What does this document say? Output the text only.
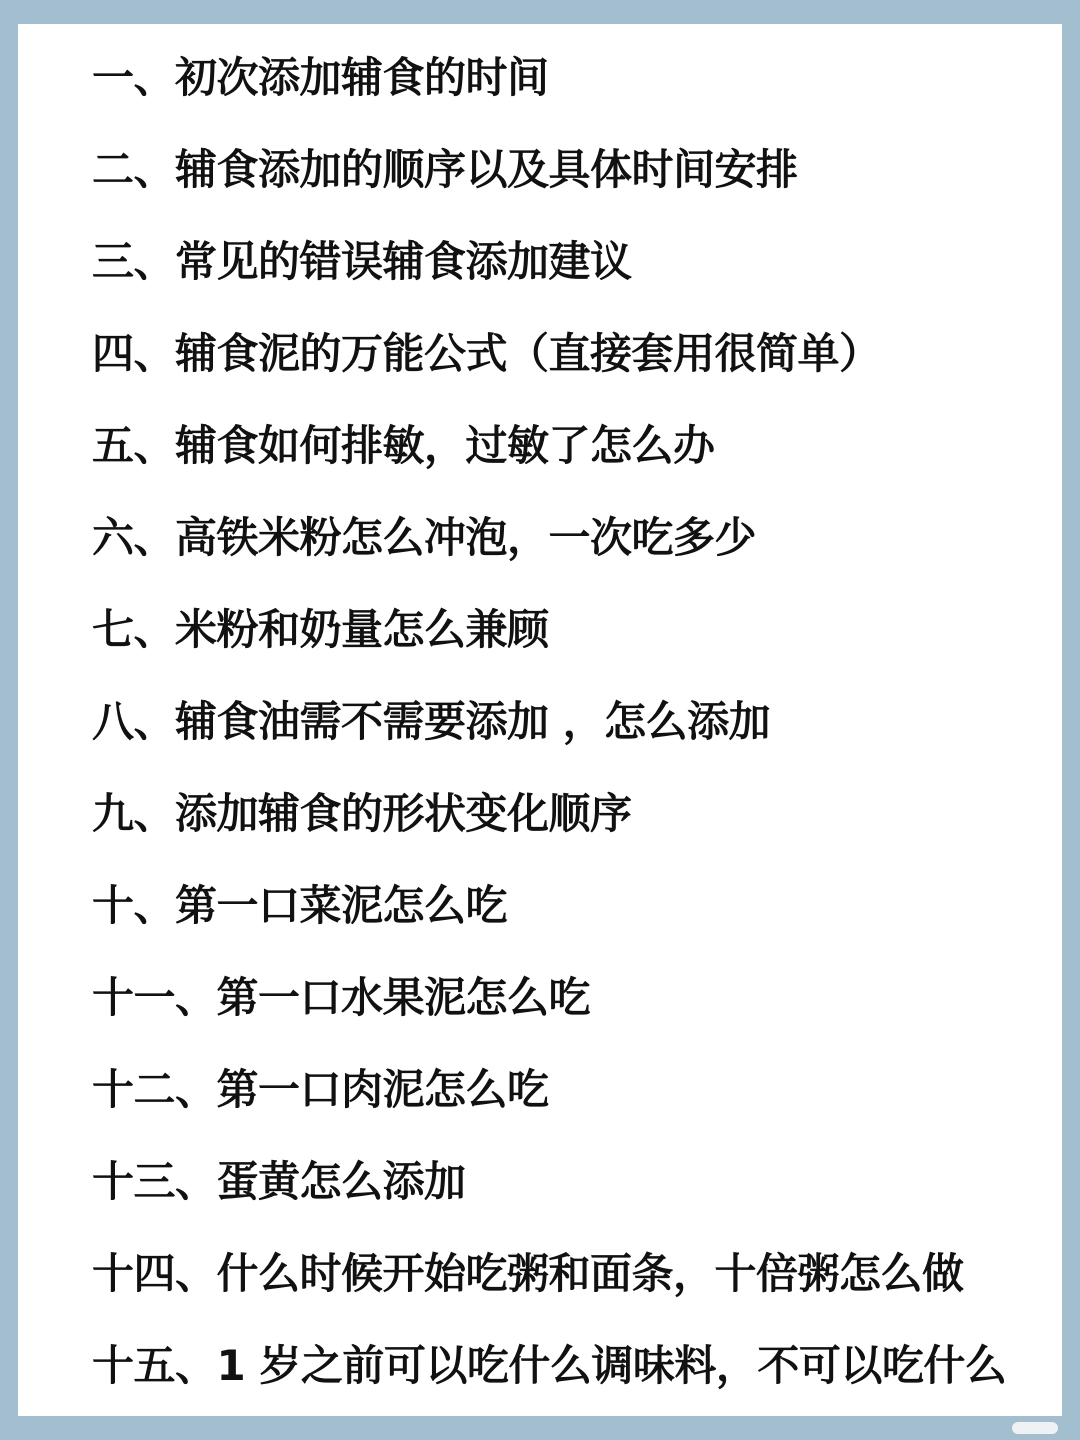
一、初次添加辅食的时间
二、辅食添加的顺序以及具体时间安排
三、常见的错误辅食添加建议
四、辅食泥的万能公式（直接套用很简单）
五、辅食如何排敏，过敏了怎么办
六、高铁米粉怎么冲泡，一次吃多少
七、米粉和奶量怎么兼顾
八、辅食油需不需要添加 ，怎么添加
九、添加辅食的形状变化顺序
十、第一口菜泥怎么吃
十一、第一口水果泥怎么吃
十二、第一口肉泥怎么吃
十三、蛋黄怎么添加
十四、什么时候开始吃粥和面条，十倍粥怎么做
十五、1 岁之前可以吃什么调味料，不可以吃什么
